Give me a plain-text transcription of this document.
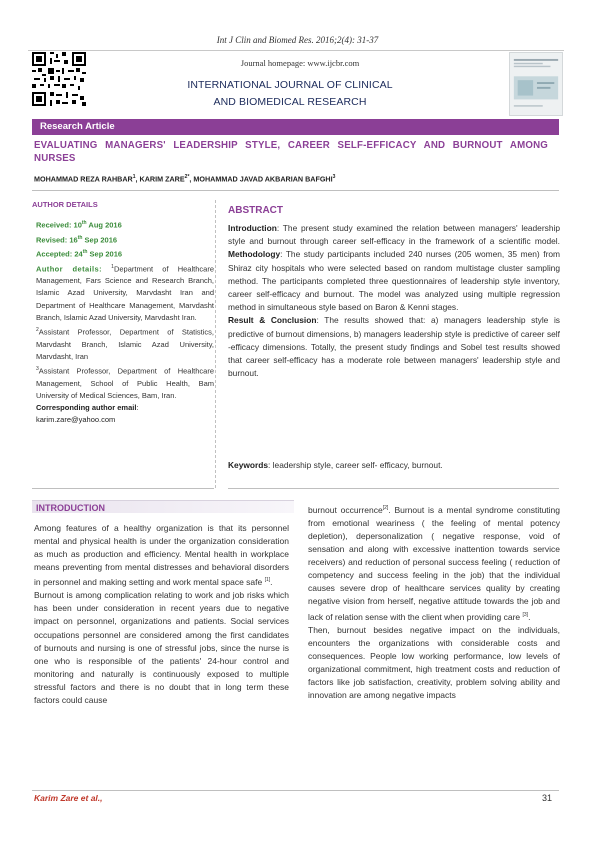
Int J Clin and Biomed Res. 2016;2(4): 31-37
Journal homepage: www.ijcbr.com
INTERNATIONAL JOURNAL OF CLINICAL
AND BIOMEDICAL RESEARCH
Research Article
EVALUATING MANAGERS' LEADERSHIP STYLE, CAREER SELF-EFFICACY AND BURNOUT AMONG
NURSES
MOHAMMAD REZA RAHBAR$^1$, KARIM $ZARE^{2*}$, MOHAMMAD JAVAD AKBARIAN BAFGHI$^3$
AUTHOR DETAILS
Received: 10th Aug 2016
Revised: 16th Sep 2016
Accepted: 24th Sep 2016

Author details: $^1$Department of Healthcare Management, Fars Science and Research Branch, Islamic Azad University, Marvdasht Iran and Department of Healthcare Management, Marvdasht Branch, Islamic Azad University, Marvdasht Iran.

$^2$Assistant Professor, Department of Statistics, Marvdasht Branch, Islamic Azad University, Marvdasht, Iran

$^3$Assistant Professor, Department of Healthcare Management, School of Public Health, Bam University of Medical Sciences, Bam, Iran.

Corresponding author email:
karim.zare@yahoo.com
ABSTRACT
Introduction: The present study examined the relation between managers' leadership style and burnout through career self-efficacy in the framework of a scientific model. Methodology: The study participants included 240 nurses (205 women, 35 men) from Shiraz city hospitals who were selected based on random multistage cluster sampling method. The participants completed three questionnaires of leadership style inventory, career self-efficacy and burnout. The model was analyzed using multiple regression method in simultaneous style based on Baron & Kenni stages.
Result & Conclusion: The results showed that: a) managers leadership style is predictive of burnout dimensions, b) managers leadership style is predictive of career self -efficacy dimensions. Totally, the present study findings and Sobel test results showed that career self-efficacy has a moderate role between managers' leadership style and burnout.
Keywords: leadership style, career self- efficacy, burnout.
INTRODUCTION

Among features of a healthy organization is that its personnel mental and physical health is under the organization consideration as much as production and efficiency. Mental health in workplace means preventing from mental distresses and behavioral disorders in personnel and making setting and work mental space safe [1].

Burnout is among complication relating to work and job risks which has been under consideration in recent years due to negative impact on personnel, organizations and patients. Social services occupations personnel are considered among the first candidates of burnouts and nursing is one of stressful jobs, since the nurse is one who is responsible of the patients' 24-hour control and monitoring and naturally is continuously exposed to multiple stressful factors and there is no doubt that in long term these factors could cause

burnout occurrence[2]. Burnout is a mental syndrome constituting from emotional weariness ( the feeling of mental potency depletion), depersonalization ( negative response, void of sensation and along with excessive inattention towards service receivers) and reduction of personal success feeling ( reduction of competency and success feeling in the job) that the individual causes severe drop of healthcare services quality by creating negative vision from herself, negative attitude towards the job and lack of relation sense with the client when providing care [3].

Then, burnout besides negative impact on the individuals, encounters the organizations with considerable costs and consequences. People low working performance, low levels of organizational commitment, high treatment costs and reduction of factors like job satisfaction, creativity, problem solving ability and innovation are among negative impacts

Karim Zare et al.,	31
